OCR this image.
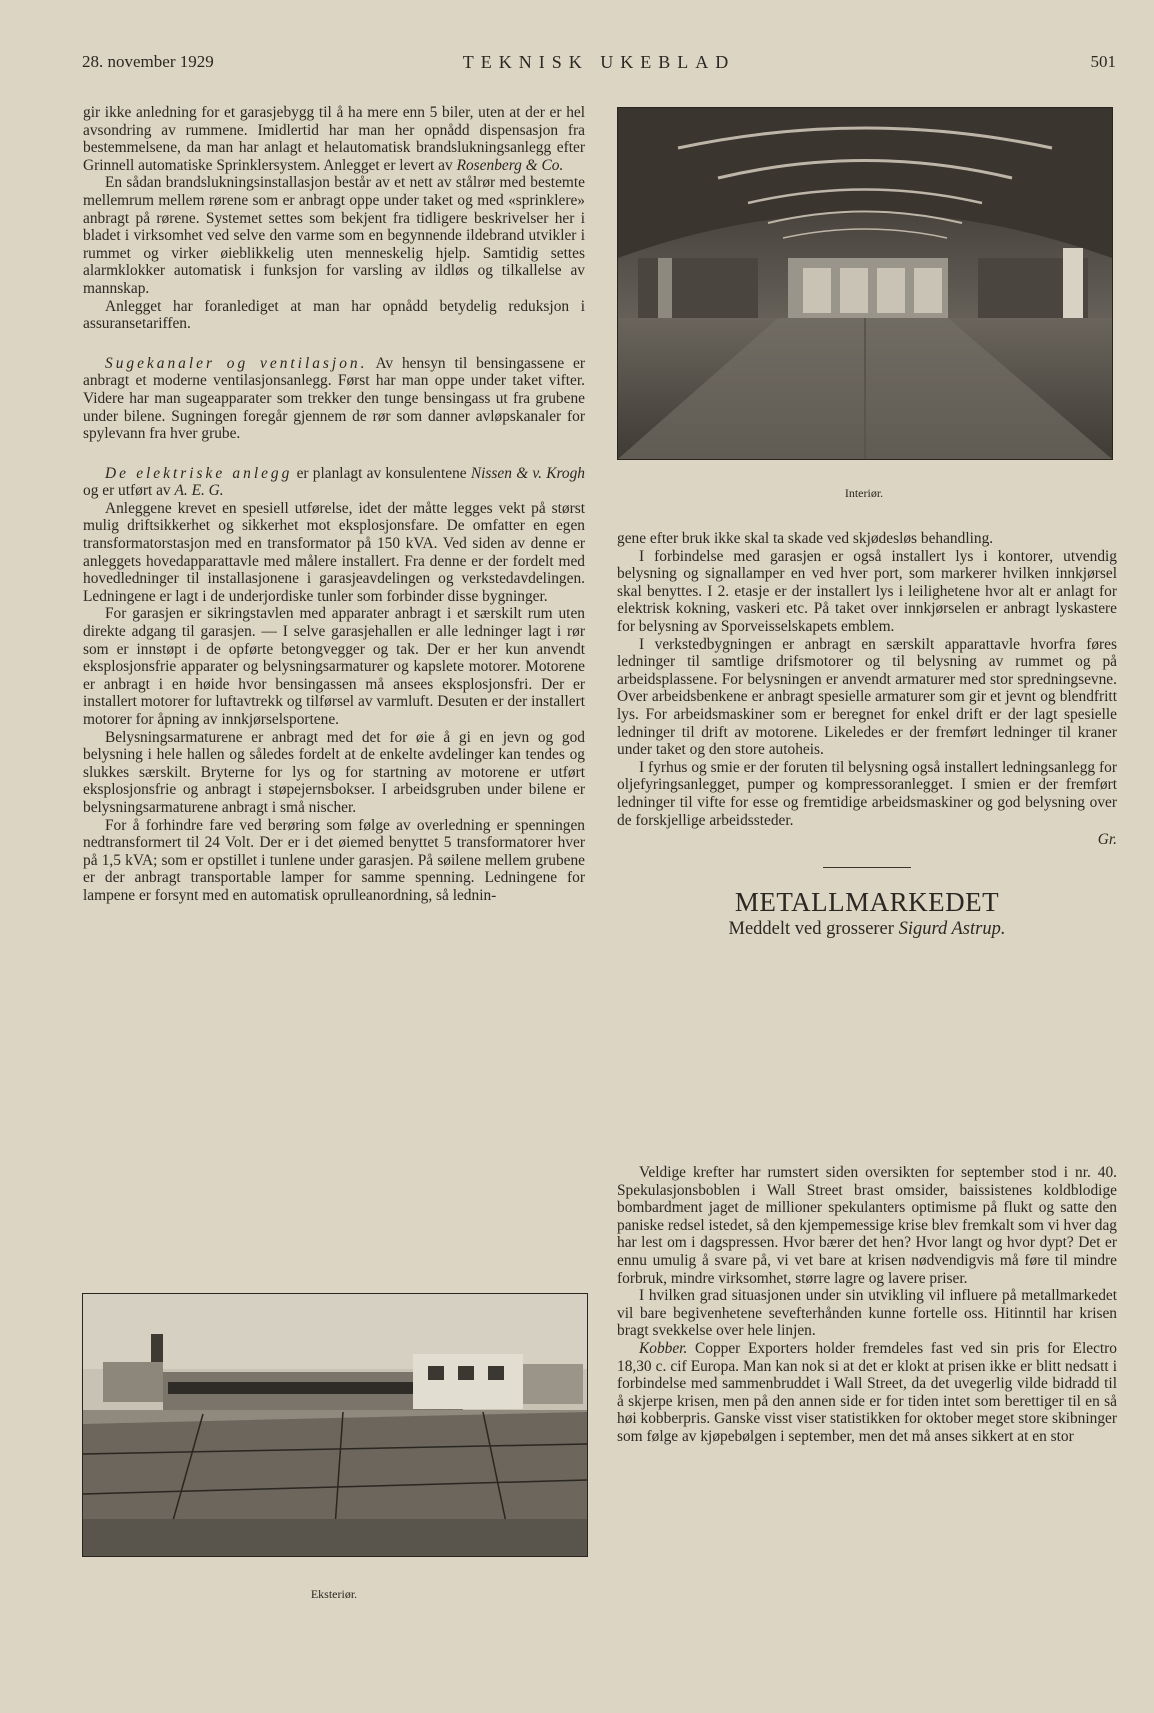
28. november 1929	TEKNISK UKEBLAD	501

gir ikke anledning for et garasjebygg til å ha mere enn 5 biler, uten at der er hel avsondring av rummene. Imidlertid har man her opnådd dispensasjon fra bestemmelsene, da man har anlagt et helautomatisk brandslukningsanlegg efter Grinnell automatiske Sprinklersystem. Anlegget er levert av Rosenberg & Co.

En sådan brandslukningsinstallasjon består av et nett av stålrør med bestemte mellemrum mellem rørene som er anbragt oppe under taket og med «sprinklere» anbragt på rørene. Systemet settes som bekjent fra tidligere beskrivelser her i bladet i virksomhet ved selve den varme som en begynnende ildebrand utvikler i rummet og virker øieblikkelig uten menneskelig hjelp. Samtidig settes alarmklokker automatisk i funksjon for varsling av ildløs og tilkallelse av mannskap.

Anlegget har foranlediget at man har opnådd betydelig reduksjon i assuransetariffen.

Sugekanaler og ventilasjon. Av hensyn til bensingassene er anbragt et moderne ventilasjonsanlegg. Først har man oppe under taket vifter. Videre har man sugeapparater som trekker den tunge bensingass ut fra grubene under bilene. Sugningen foregår gjennem de rør som danner avløpskanaler for spylevann fra hver grube.

De elektriske anlegg er planlagt av konsulentene Nissen & v. Krogh og er utført av A. E. G.

Anleggene krevet en spesiell utførelse, idet der måtte legges vekt på størst mulig driftsikkerhet og sikkerhet mot eksplosjonsfare. De omfatter en egen transformatorstasjon med en transformator på 150 kVA. Ved siden av denne er anleggets hovedapparattavle med målere installert. Fra denne er der fordelt med hovedledninger til installasjonene i garasjeavdelingen og verkstedavdelingen. Ledningene er lagt i de underjordiske tunler som forbinder disse bygninger.

For garasjen er sikringstavlen med apparater anbragt i et særskilt rum uten direkte adgang til garasjen. — I selve garasjehallen er alle ledninger lagt i rør som er innstøpt i de opførte betongvegger og tak. Der er her kun anvendt eksplosjonsfrie apparater og belysningsarmaturer og kapslete motorer. Motorene er anbragt i en høide hvor bensingassen må ansees eksplosjonsfri. Der er installert motorer for luftavtrekk og tilførsel av varmluft. Desuten er der installert motorer for åpning av innkjørselsportene.

Belysningsarmaturene er anbragt med det for øie å gi en jevn og god belysning i hele hallen og således fordelt at de enkelte avdelinger kan tendes og slukkes særskilt. Bryterne for lys og for startning av motorene er utført eksplosjonsfrie og anbragt i støpejernsbokser. I arbeidsgruben under bilene er belysningsarmaturene anbragt i små nischer.

For å forhindre fare ved berøring som følge av overledning er spenningen nedtransformert til 24 Volt. Der er i det øiemed benyttet 5 transformatorer hver på 1,5 kVA; som er opstillet i tunlene under garasjen. På søilene mellem grubene er der anbragt transportable lamper for samme spenning. Ledningene for lampene er forsynt med en automatisk oprulleanordning, så lednin-

Interiør.

gene efter bruk ikke skal ta skade ved skjødesløs behandling.

I forbindelse med garasjen er også installert lys i kontorer, utvendig belysning og signallamper en ved hver port, som markerer hvilken innkjørsel skal benyttes. I 2. etasje er der installert lys i leilighetene hvor alt er anlagt for elektrisk kokning, vaskeri etc. På taket over innkjørselen er anbragt lyskastere for belysning av Sporveisselskapets emblem.

I verkstedbygningen er anbragt en særskilt apparattavle hvorfra føres ledninger til samtlige drifsmotorer og til belysning av rummet og på arbeidsplassene. For belysningen er anvendt armaturer med stor spredningsevne. Over arbeidsbenkene er anbragt spesielle armaturer som gir et jevnt og blendfritt lys. For arbeidsmaskiner som er beregnet for enkel drift er der lagt spesielle ledninger til drift av motorene. Likeledes er der fremført ledninger til kraner under taket og den store autoheis.

I fyrhus og smie er der foruten til belysning også installert ledningsanlegg for oljefyringsanlegget, pumper og kompressoranlegget. I smien er der fremført ledninger til vifte for esse og fremtidige arbeidsmaskiner og god belysning over de forskjellige arbeidssteder.

Gr.
METALLMARKEDET
Meddelt ved grosserer Sigurd Astrup.

Veldige krefter har rumstert siden oversikten for september stod i nr. 40. Spekulasjonsboblen i Wall Street brast omsider, baissistenes koldblodige bombardment jaget de millioner spekulanters optimisme på flukt og satte den paniske redsel istedet, så den kjempemessige krise blev fremkalt som vi hver dag har lest om i dagspressen. Hvor bærer det hen? Hvor langt og hvor dypt? Det er ennu umulig å svare på, vi vet bare at krisen nødvendigvis må føre til mindre forbruk, mindre virksomhet, større lagre og lavere priser.

I hvilken grad situasjonen under sin utvikling vil influere på metallmarkedet vil bare begivenhetene sevefterhånden kunne fortelle oss. Hitinntil har krisen bragt svekkelse over hele linjen.

Kobber. Copper Exporters holder fremdeles fast ved sin pris for Electro 18,30 c. cif Europa. Man kan nok si at det er klokt at prisen ikke er blitt nedsatt i forbindelse med sammenbruddet i Wall Street, da det uvegerlig vilde bidradd til å skjerpe krisen, men på den annen side er for tiden intet som berettiger til en så høi kobberpris. Ganske visst viser statistikken for oktober meget store skibninger som følge av kjøpebølgen i september, men det må anses sikkert at en stor

Eksteriør.
